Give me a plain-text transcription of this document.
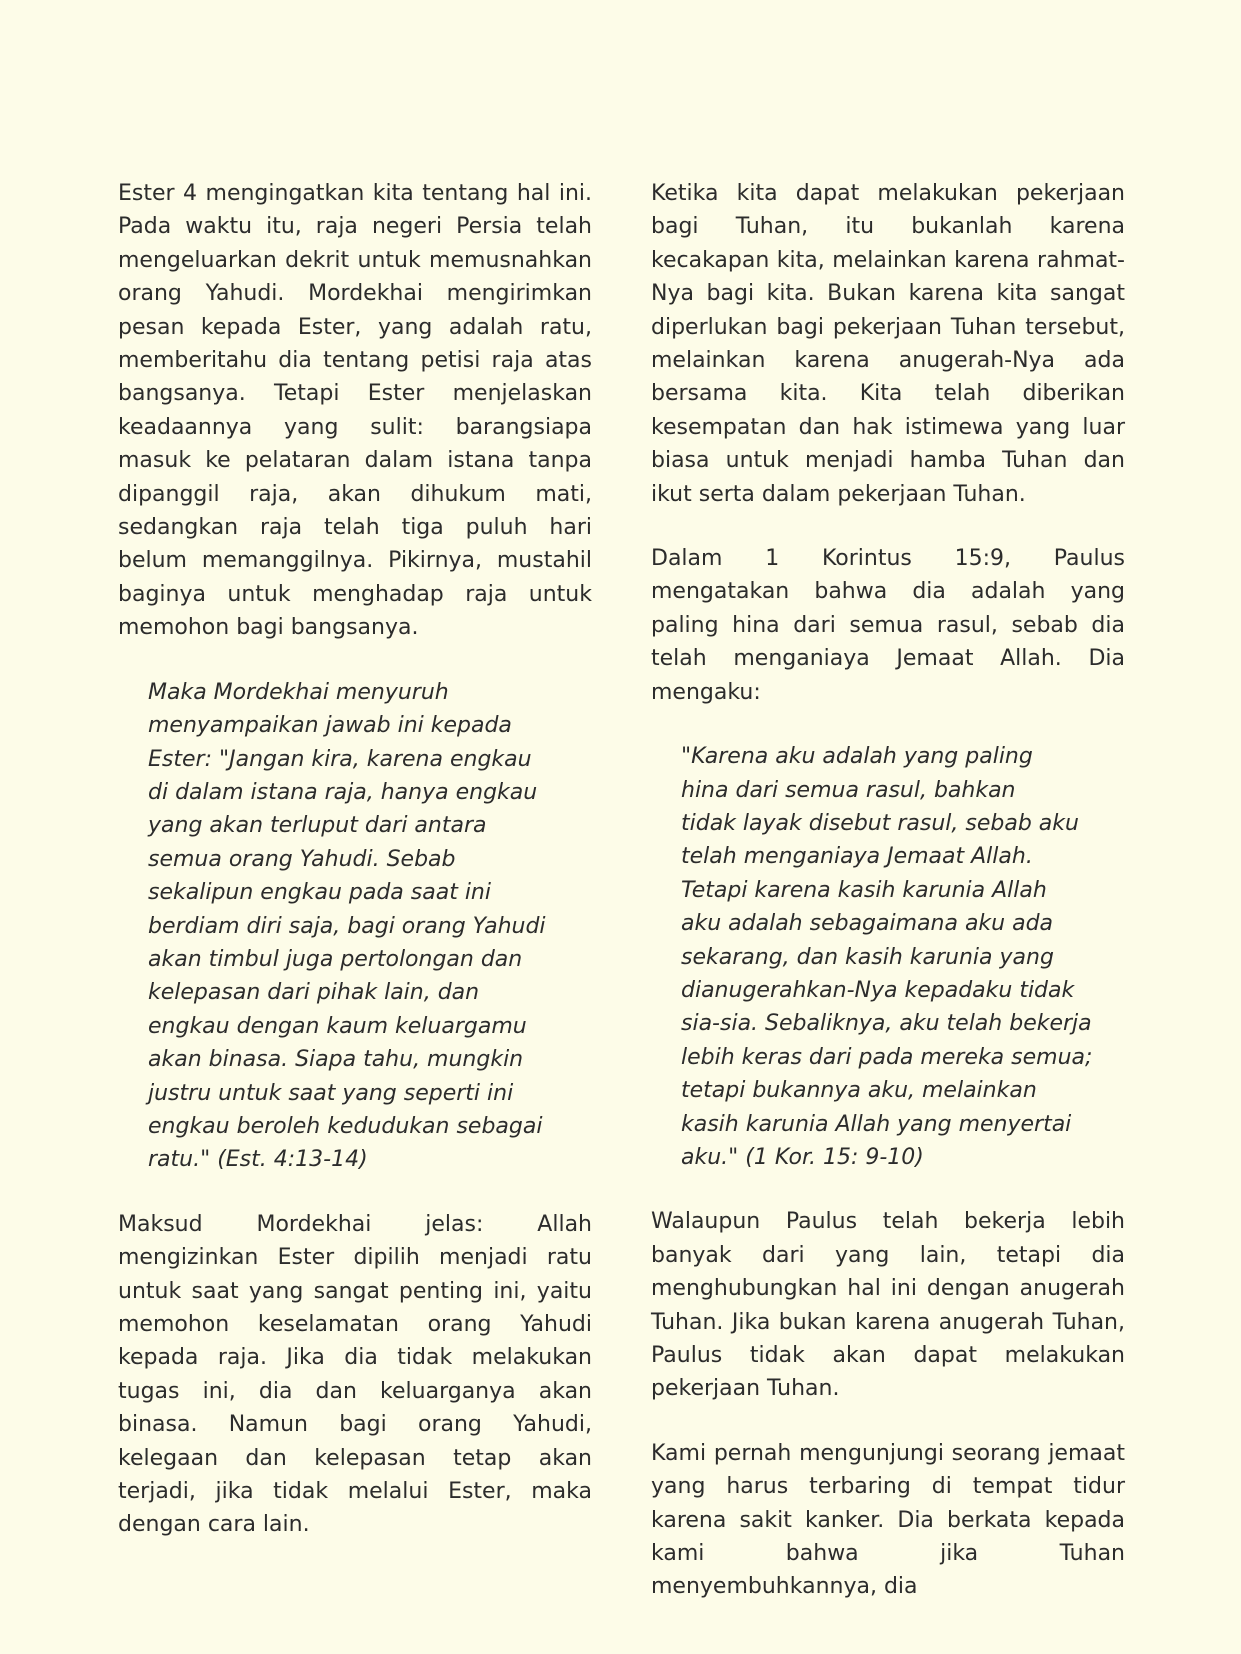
Ester 4 mengingatkan kita tentang hal ini. Pada waktu itu, raja negeri Persia telah mengeluarkan dekrit untuk memusnahkan orang Yahudi. Mordekhai mengirimkan pesan kepada Ester, yang adalah ratu, memberitahu dia tentang petisi raja atas bangsanya. Tetapi Ester menjelaskan keadaannya yang sulit: barangsiapa masuk ke pelataran dalam istana tanpa dipanggil raja, akan dihukum mati, sedangkan raja telah tiga puluh hari belum memanggilnya. Pikirnya, mustahil baginya untuk menghadap raja untuk memohon bagi bangsanya.

Maka Mordekhai menyuruh
menyampaikan jawab ini kepada
Ester: "Jangan kira, karena engkau
di dalam istana raja, hanya engkau
yang akan terluput dari antara
semua orang Yahudi. Sebab
sekalipun engkau pada saat ini
berdiam diri saja, bagi orang Yahudi
akan timbul juga pertolongan dan
kelepasan dari pihak lain, dan
engkau dengan kaum keluargamu
akan binasa. Siapa tahu, mungkin
justru untuk saat yang seperti ini
engkau beroleh kedudukan sebagai
ratu." (Est. 4:13-14)

Maksud Mordekhai jelas: Allah mengizinkan Ester dipilih menjadi ratu untuk saat yang sangat penting ini, yaitu memohon keselamatan orang Yahudi kepada raja. Jika dia tidak melakukan tugas ini, dia dan keluarganya akan binasa. Namun bagi orang Yahudi, kelegaan dan kelepasan tetap akan terjadi, jika tidak melalui Ester, maka dengan cara lain.

Ketika kita dapat melakukan pekerjaan bagi Tuhan, itu bukanlah karena kecakapan kita, melainkan karena rahmat-Nya bagi kita. Bukan karena kita sangat diperlukan bagi pekerjaan Tuhan tersebut, melainkan karena anugerah-Nya ada bersama kita. Kita telah diberikan kesempatan dan hak istimewa yang luar biasa untuk menjadi hamba Tuhan dan ikut serta dalam pekerjaan Tuhan.

Dalam 1 Korintus 15:9, Paulus mengatakan bahwa dia adalah yang paling hina dari semua rasul, sebab dia telah menganiaya Jemaat Allah. Dia mengaku:

"Karena aku adalah yang paling
hina dari semua rasul, bahkan
tidak layak disebut rasul, sebab aku
telah menganiaya Jemaat Allah.
Tetapi karena kasih karunia Allah
aku adalah sebagaimana aku ada
sekarang, dan kasih karunia yang
dianugerahkan-Nya kepadaku tidak
sia-sia. Sebaliknya, aku telah bekerja
lebih keras dari pada mereka semua;
tetapi bukannya aku, melainkan
kasih karunia Allah yang menyertai
aku." (1 Kor. 15: 9-10)

Walaupun Paulus telah bekerja lebih banyak dari yang lain, tetapi dia menghubungkan hal ini dengan anugerah Tuhan. Jika bukan karena anugerah Tuhan, Paulus tidak akan dapat melakukan pekerjaan Tuhan.

Kami pernah mengunjungi seorang jemaat yang harus terbaring di tempat tidur karena sakit kanker. Dia berkata kepada kami bahwa jika Tuhan menyembuhkannya, dia
